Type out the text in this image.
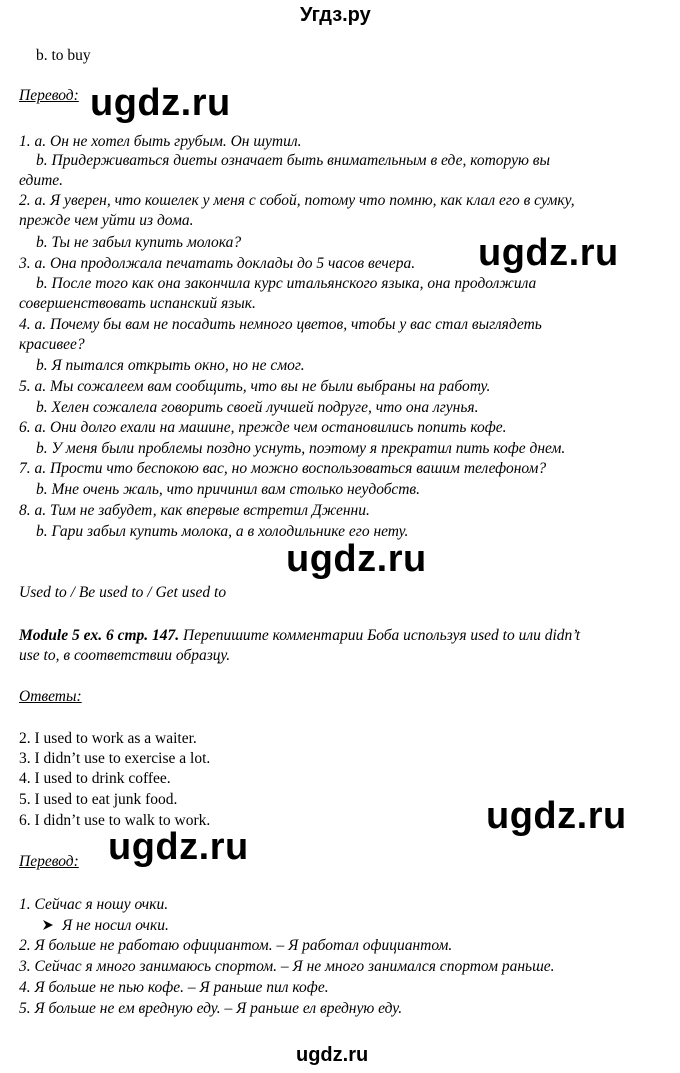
Угдз.ру
b. to buy
Перевод: ugdz.ru
1. a. Он не хотел быть грубым. Он шутил.
b. Придерживаться диеты означает быть внимательным в еде, которую вы
едите.
2. a. Я уверен, что кошелек у меня с собой, потому что помню, как клал его в сумку,
прежде чем уйти из дома.
b. Ты не забыл купить молока?
3. a. Она продолжала печатать доклады до 5 часов вечера. ugdz.ru
b. После того как она закончила курс итальянского языка, она продолжила
совершенствовать испанский язык.
4. a. Почему бы вам не посадить немного цветов, чтобы у вас стал выглядеть
красивее?
b. Я пытался открыть окно, но не смог.
5. a. Мы сожалеем вам сообщить, что вы не были выбраны на работу.
b. Хелен сожалела говорить своей лучшей подруге, что она лгунья.
6. a. Они долго ехали на машине, прежде чем остановились попить кофе.
b. У меня были проблемы поздно уснуть, поэтому я прекратил пить кофе днем.
7. a. Прости что беспокою вас, но можно воспользоваться вашим телефоном?
b. Мне очень жаль, что причинил вам столько неудобств.
8. a. Тим не забудет, как впервые встретил Дженни.
b. Гари забыл купить молока, а в холодильнике его нету.
ugdz.ru
Used to / Be used to / Get used to
Module 5 ex. 6 стр. 147. Перепишите комментарии Боба используя used to или didn’t
use to, в соответствии образцу.
Ответы:
2. I used to work as a waiter.
3. I didn’t use to exercise a lot.
4. I used to drink coffee.
5. I used to eat junk food.
6. I didn’t use to walk to work.	ugdz.ru
Перевод: ugdz.ru
1. Сейчас я ношу очки.
Я не носил очки.
2. Я больше не работаю официантом. – Я работал официантом.
3. Сейчас я много занимаюсь спортом. – Я не много занимался спортом раньше.
4. Я больше не пью кофе. – Я раньше пил кофе.
5. Я больше не ем вредную еду. – Я раньше ел вредную еду.
ugdz.ru
